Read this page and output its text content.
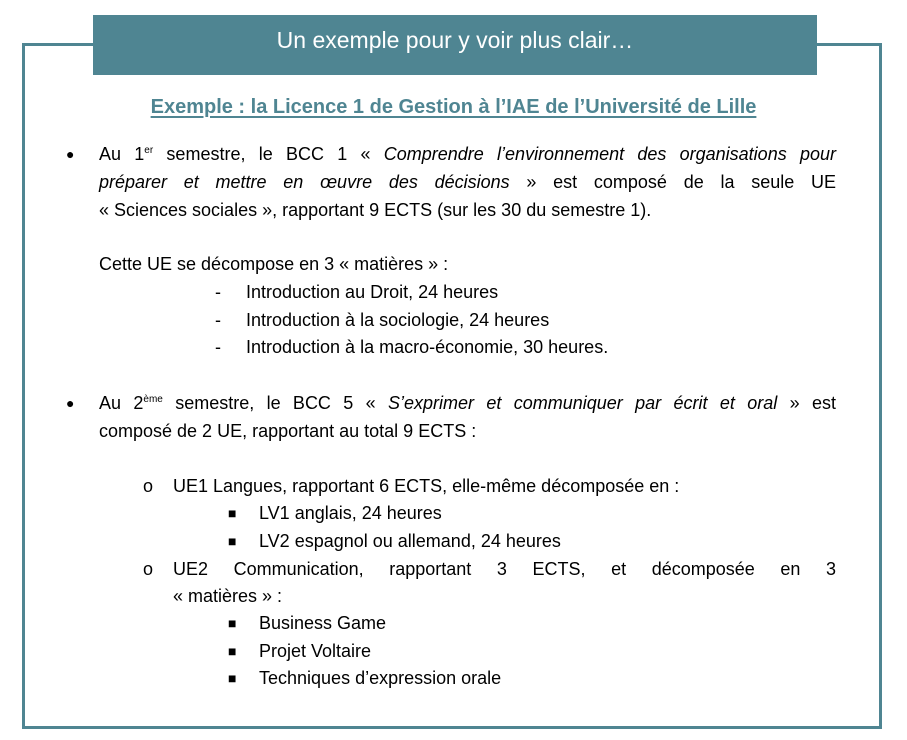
Un exemple pour y voir plus clair…
Exemple : la Licence 1 de Gestion à l’IAE de l’Université de Lille
● Au 1er semestre, le BCC 1 « Comprendre l’environnement des organisations pour
préparer et mettre en œuvre des décisions » est composé de la seule UE
« Sciences sociales », rapportant 9 ECTS (sur les 30 du semestre 1).
Cette UE se décompose en 3 « matières » :
- Introduction au Droit, 24 heures
- Introduction à la sociologie, 24 heures
- Introduction à la macro-économie, 30 heures.
● Au 2ème semestre, le BCC 5 « S’exprimer et communiquer par écrit et oral » est
composé de 2 UE, rapportant au total 9 ECTS :
o UE1 Langues, rapportant 6 ECTS, elle-même décomposée en :
■ LV1 anglais, 24 heures
■ LV2 espagnol ou allemand, 24 heures
o UE2 Communication, rapportant 3 ECTS, et décomposée en 3
« matières » :
■ Business Game
■ Projet Voltaire
■ Techniques d’expression orale
